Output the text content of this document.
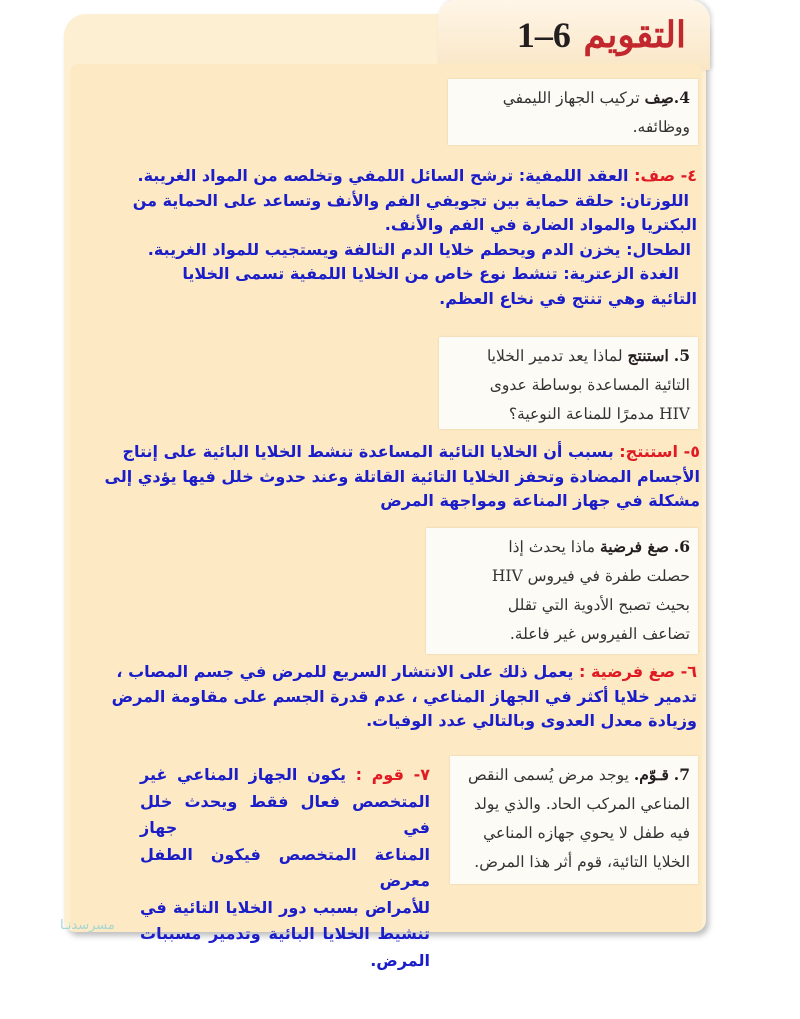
التقويم 6–1
4.صِف تركيب الجهاز الليمفي
ووظائفه.
٤- صف: العقد اللمفية: ترشح السائل اللمفي وتخلصه من المواد الغريبة.
اللوزتان: حلقة حماية بين تجويفي الفم والأنف وتساعد على الحماية من
البكتريا والمواد الضارة في الفم والأنف.
الطحال: يخزن الدم ويحطم خلايا الدم التالفة ويستجيب للمواد الغريبة.
الغدة الزعترية: تنشط نوع خاص من الخلايا اللمفية تسمى الخلايا
التائية وهي تنتج في نخاع العظم.
5. استنتج لماذا يعد تدمير الخلايا
التائية المساعدة بوساطة عدوى
HIV مدمرًا للمناعة النوعية؟
٥- استنتج: بسبب أن الخلايا التائية المساعدة تنشط الخلايا البائية على إنتاج
الأجسام المضادة وتحفز الخلايا التائية القاتلة وعند حدوث خلل فيها يؤدي إلى
مشكلة في جهاز المناعة ومواجهة المرض
6. صغ فرضية ماذا يحدث إذا
حصلت طفرة في فيروس HIV
بحيث تصبح الأدوية التي تقلل
تضاعف الفيروس غير فاعلة.
٦- صغ فرضية : يعمل ذلك على الانتشار السريع للمرض في جسم المصاب ،
تدمير خلايا أكثر في الجهاز المناعي ، عدم قدرة الجسم على مقاومة المرض
وزيادة معدل العدوى وبالتالي عدد الوفيات.
7. قـوّم. يوجد مرض يُسمى النقص
المناعي المركب الحاد. والذي يولد
فيه طفل لا يحوي جهازه المناعي
الخلايا التائية، قوم أثر هذا المرض.
٧- قوم : يكون الجهاز المناعي غير
المتخصص فعال فقط ويحدث خلل في جهاز
المناعة المتخصص فيكون الطفل معرض
للأمراض بسبب دور الخلايا التائية في
تنشيط الخلايا البائية وتدمير مسببات
المرض.
مسرسدنـا
